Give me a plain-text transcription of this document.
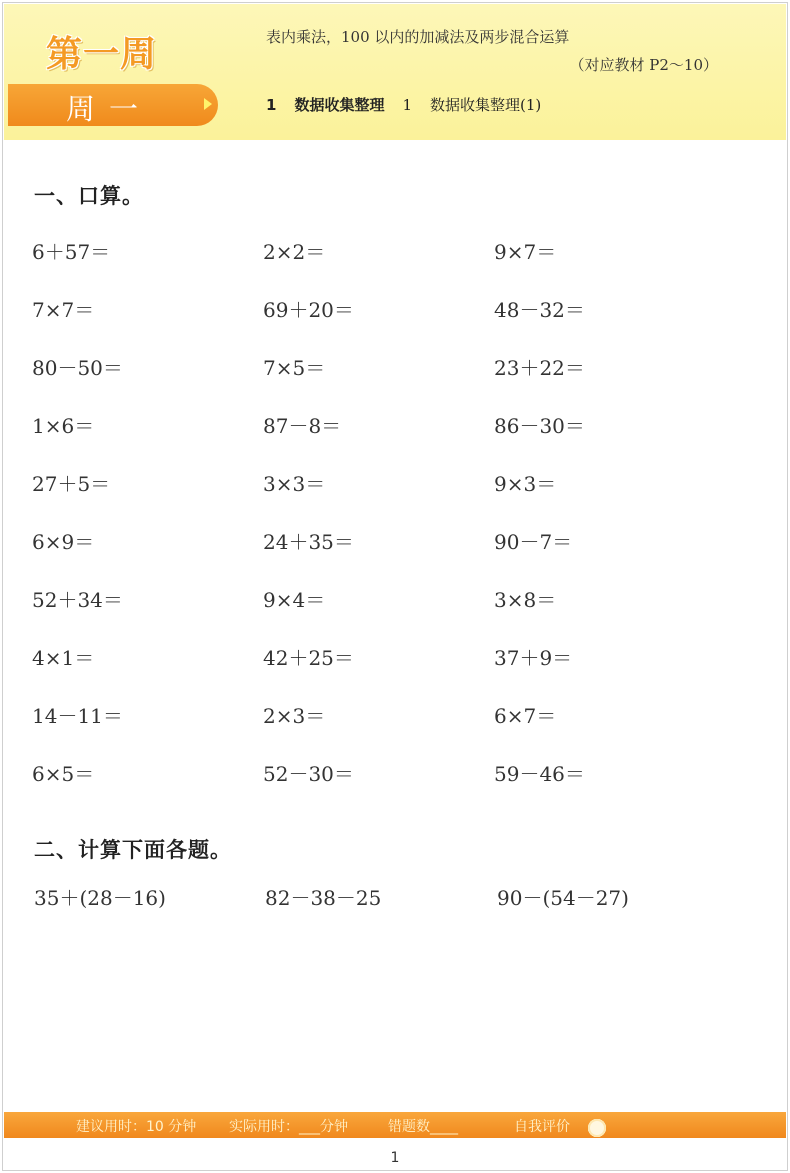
第一周
周一
表内乘法，100 以内的加减法及两步混合运算
（对应教材 P2～10）
1 数据收集整理 1 数据收集整理(1)
一、口算。
6＋57＝	2×2＝	9×7＝
7×7＝	69＋20＝	48－32＝
80－50＝	7×5＝	23＋22＝
1×6＝	87－8＝	86－30＝
27＋5＝	3×3＝	9×3＝
6×9＝	24＋35＝	90－7＝
52＋34＝	9×4＝	3×8＝
4×1＝	42＋25＝	37＋9＝
14－11＝	2×3＝	6×7＝
6×5＝	52－30＝	59－46＝
二、计算下面各题。
35＋(28－16)	82－38－25	90－(54－27)
建议用时：10 分钟 实际用时：___分钟	错题数____	自我评价
1
